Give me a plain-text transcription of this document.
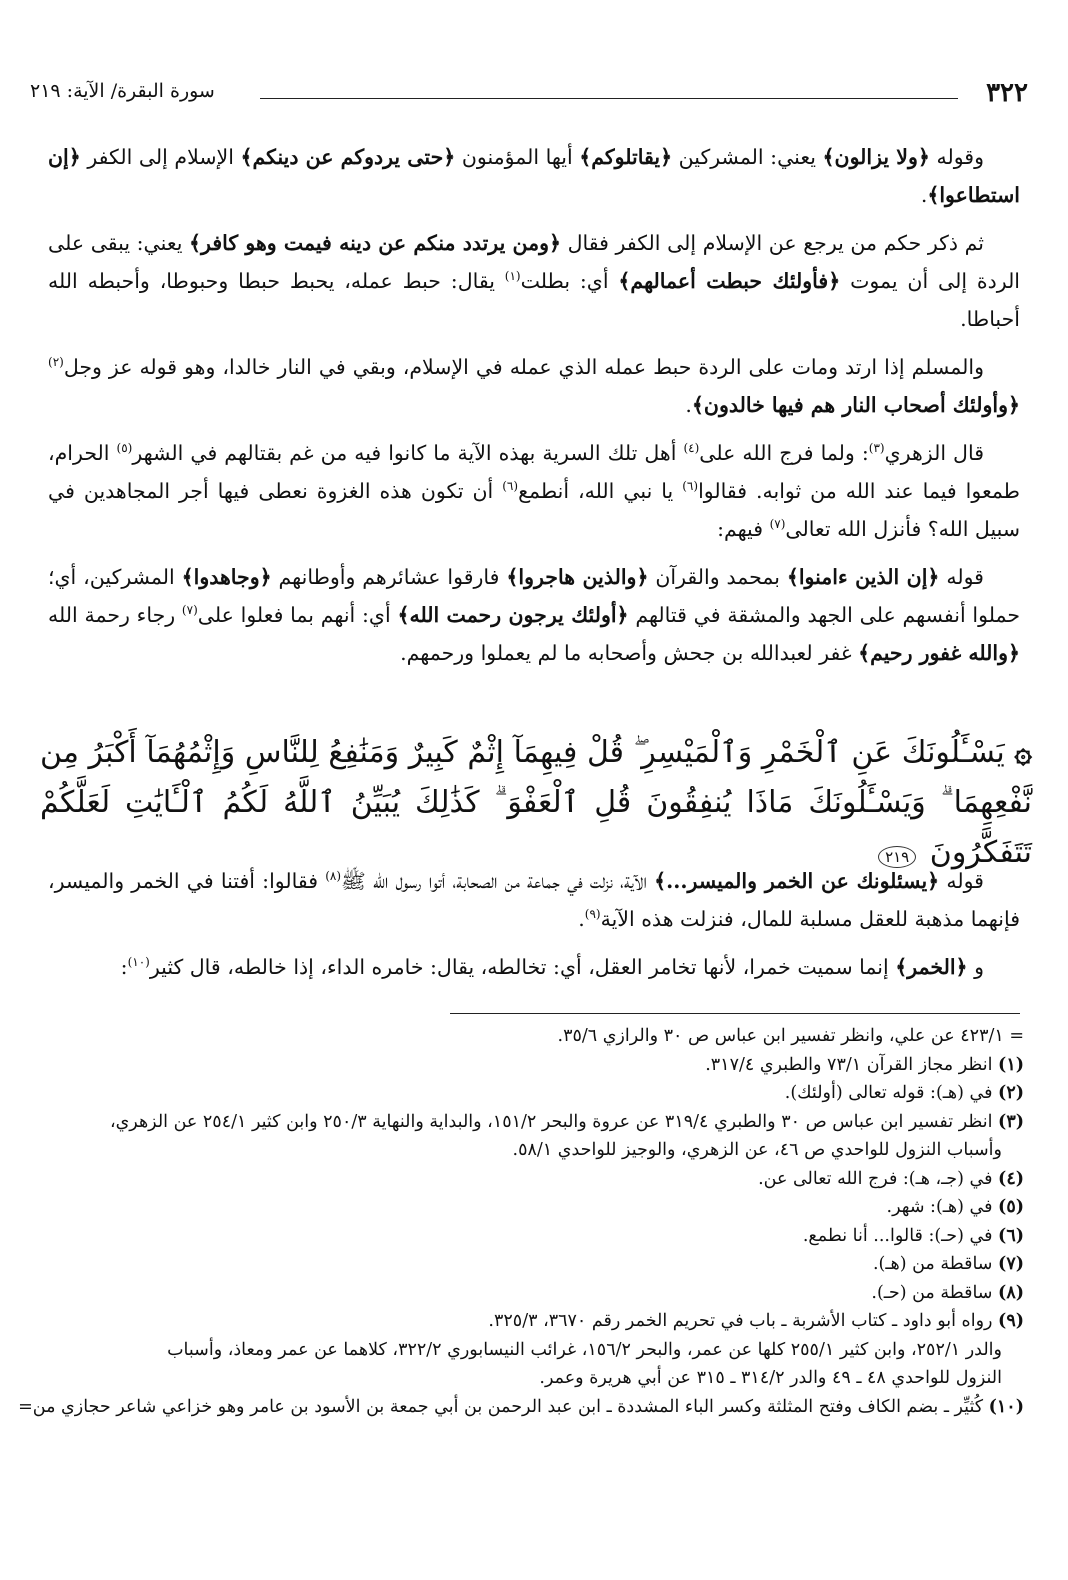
٣٢٢
سورة البقرة/ الآية: ٢١٩

وقوله ﴿ولا يزالون﴾ يعني: المشركين ﴿يقاتلوكم﴾ أيها المؤمنون ﴿حتى يردوكم عن دينكم﴾ الإسلام إلى الكفر ﴿إن استطاعوا﴾.

ثم ذكر حكم من يرجع عن الإسلام إلى الكفر فقال ﴿ومن يرتدد منكم عن دينه فيمت وهو كافر﴾ يعني: يبقى على الردة إلى أن يموت ﴿فأولئك حبطت أعمالهم﴾ أي: بطلت$^{(١)}$ يقال: حبط عمله، يحبط حبطا وحبوطا، وأحبطه الله أحباطا.

والمسلم إذا ارتد ومات على الردة حبط عمله الذي عمله في الإسلام، وبقي في النار خالدا، وهو قوله عز وجل$^{(٢)}$ ﴿وأولئك أصحاب النار هم فيها خالدون﴾.

قال الزهري$^{(٣)}$: ولما فرج الله على$^{(٤)}$ أهل تلك السرية بهذه الآية ما كانوا فيه من غم بقتالهم في الشهر$^{(٥)}$ الحرام، طمعوا فيما عند الله من ثوابه. فقالوا$^{(٦)}$ يا نبي الله، أنطمع$^{(٦)}$ أن تكون هذه الغزوة نعطى فيها أجر المجاهدين في سبيل الله؟ فأنزل الله تعالى$^{(٧)}$ فيهم:

قوله ﴿إن الذين ءامنوا﴾ بمحمد والقرآن ﴿والذين هاجروا﴾ فارقوا عشائرهم وأوطانهم ﴿وجاهدوا﴾ المشركين، أي؛ حملوا أنفسهم على الجهد والمشقة في قتالهم ﴿أولئك يرجون رحمت الله﴾ أي: أنهم بما فعلوا على$^{(٧)}$ رجاء رحمة الله ﴿والله غفور رحيم﴾ غفر لعبدالله بن جحش وأصحابه ما لم يعملوا ورحمهم.

۞ يَسْـَٔلُونَكَ عَنِ ٱلْخَمْرِ وَٱلْمَيْسِرِ ۖ قُلْ فِيهِمَآ إِثْمٌ كَبِيرٌ وَمَنَٰفِعُ لِلنَّاسِ وَإِثْمُهُمَآ أَكْبَرُ مِن نَّفْعِهِمَا ۗ وَيَسْـَٔلُونَكَ مَاذَا يُنفِقُونَ قُلِ ٱلْعَفْوَ ۗ كَذَٰلِكَ يُبَيِّنُ ٱللَّهُ لَكُمُ ٱلْـَٔايَٰتِ لَعَلَّكُمْ تَتَفَكَّرُونَ ٢١٩

قوله ﴿يسئلونك عن الخمر والميسر...﴾ الآية، نزلت في جماعة من الصحابة، أتوا رسول الله ﷺ$^{(٨)}$ فقالوا: أفتنا في الخمر والميسر، فإنهما مذهبة للعقل مسلبة للمال، فنزلت هذه الآية$^{(٩)}$.

و ﴿الخمر﴾ إنما سميت خمرا، لأنها تخامر العقل، أي: تخالطه، يقال: خامره الداء، إذا خالطه، قال كثير$^{(١٠)}$:

= ٤٢٣/١ عن علي، وانظر تفسير ابن عباس ص ٣٠ والرازي ٣٥/٦.

(١) انظر مجاز القرآن ٧٣/١ والطبري ٣١٧/٤.

(٢) في (هـ): قوله تعالى (أولئك).

(٣) انظر تفسير ابن عباس ص ٣٠ والطبري ٣١٩/٤ عن عروة والبحر ١٥١/٢، والبداية والنهاية ٢٥٠/٣ وابن كثير ٢٥٤/١ عن الزهري،

وأسباب النزول للواحدي ص ٤٦، عن الزهري، والوجيز للواحدي ٥٨/١.

(٤) في (جـ، هـ): فرج الله تعالى عن.

(٥) في (هـ): شهر.

(٦) في (حـ): قالوا... أنا نطمع.

(٧) ساقطة من (هـ).

(٨) ساقطة من (حـ).

(٩) رواه أبو داود ـ كتاب الأشربة ـ باب في تحريم الخمر رقم ٣٦٧٠، ٣٢٥/٣.

والدر ٢٥٢/١، وابن كثير ٢٥٥/١ كلها عن عمر، والبحر ١٥٦/٢، غرائب النيسابوري ٣٢٢/٢، كلاهما عن عمر ومعاذ، وأسباب

النزول للواحدي ٤٨ ـ ٤٩ والدر ٣١٤/٢ ـ ٣١٥ عن أبي هريرة وعمر.

(١٠) كُثيِّر ـ بضم الكاف وفتح المثلثة وكسر الباء المشددة ـ ابن عبد الرحمن بن أبي جمعة بن الأسود بن عامر وهو خزاعي شاعر حجازي من=
